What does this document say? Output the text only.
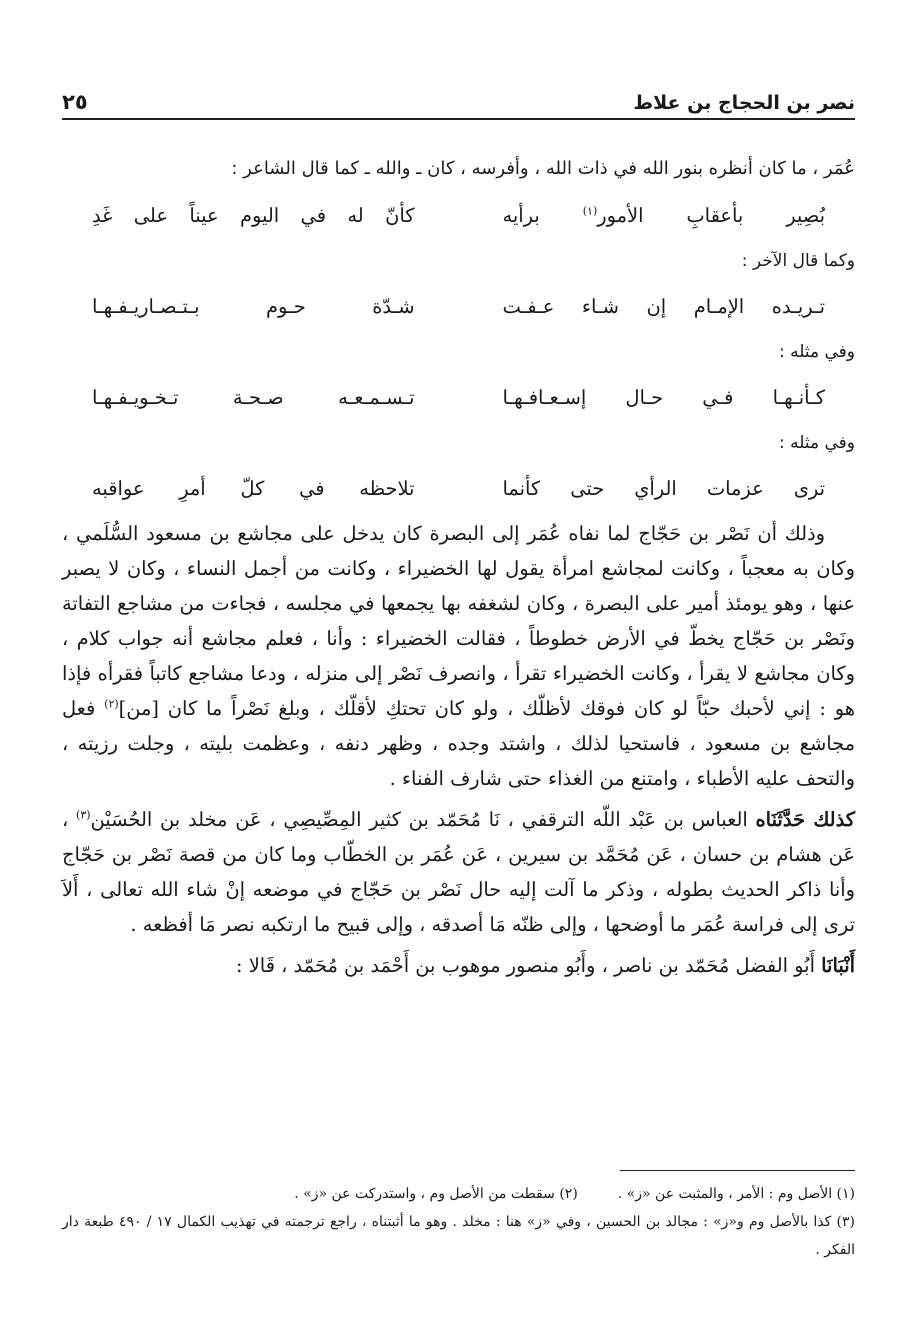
نصر بن الحجاج بن علاط
٢٥

عُمَر ، ما كان أنظره بنور الله في ذات الله ، وأفرسه ، كان ـ والله ـ كما قال الشاعر :

بُصِير بأعقابِ الأمور$^{(١)}$ برأيه
كأنّ له في اليوم عيناً على غَدِ

وكما قال الآخر :

تـريـده الإمـام إن شـاء عـفـت
شـدّة حـوم بـتـصـاريـفـهـا

وفي مثله :

كـأنـهـا فـي حـال إسـعـافـهـا
تـسـمـعـه صـحـة تـخـويـفـهـا

وفي مثله :

ترى عزمات الرأي حتى كأنما
تلاحظه في كلّ أمرِ عواقبه

وذلك أن نَصْر بن حَجّاج لما نفاه عُمَر إلى البصرة كان يدخل على مجاشع بن مسعود السُّلَمي ، وكان به معجباً ، وكانت لمجاشع امرأة يقول لها الخضيراء ، وكانت من أجمل النساء ، وكان لا يصبر عنها ، وهو يومئذ أمير على البصرة ، وكان لشغفه بها يجمعها في مجلسه ، فجاءت من مشاجع التفاتة ونَصْر بن حَجّاج يخطّ في الأرض خطوطاً ، فقالت الخضيراء : وأنا ، فعلم مجاشع أنه جواب كلام ، وكان مجاشع لا يقرأ ، وكانت الخضيراء تقرأ ، وانصرف نَصْر إلى منزله ، ودعا مشاجع كاتباً فقرأه فإذا هو : إني لأحبك حبّاً لو كان فوقك لأظلّك ، ولو كان تحتكِ لأقلّك ، وبلغ نَصْراً ما كان [من]$^{(٢)}$ فعل مجاشع بن مسعود ، فاستحيا لذلك ، واشتد وجده ، وظهر دنفه ، وعظمت بليته ، وجلت رزيته ، والتحف عليه الأطباء ، وامتنع من الغذاء حتى شارف الفناء .

كذلك حَدَّثَنَاه العباس بن عَبْد اللّه الترقفي ، نَا مُحَمّد بن كثير المِصِّيصِي ، عَن مخلد بن الحُسَيْن$^{(٣)}$ ، عَن هشام بن حسان ، عَن مُحَمَّد بن سيرين ، عَن عُمَر بن الخطّاب وما كان من قصة نَصْر بن حَجّاج وأنا ذاكر الحديث بطوله ، وذكر ما آلت إليه حال نَصْر بن حَجّاج في موضعه إنْ شاء الله تعالى ، أَلاَ ترى إلى فراسة عُمَر ما أوضحها ، وإلى ظنّه مَا أصدقه ، وإلى قبيح ما ارتكبه نصر مَا أفظعه .

أَنْبَانَا أَبُو الفضل مُحَمّد بن ناصر ، وأَبُو منصور موهوب بن أَحْمَد بن مُحَمّد ، قَالا :

(١) الأصل وم : الأمر ، والمثبت عن «ز» .

(٢) سقطت من الأصل وم ، واستدركت عن «ز» .

(٣) كذا بالأصل وم و«ز» : مجالد بن الحسين ، وفي «ز» هنا : مخلد . وهو ما أثبتناه ، راجع ترجمته في تهذيب الكمال ١٧ / ٤٩٠ طبعة دار الفكر .
